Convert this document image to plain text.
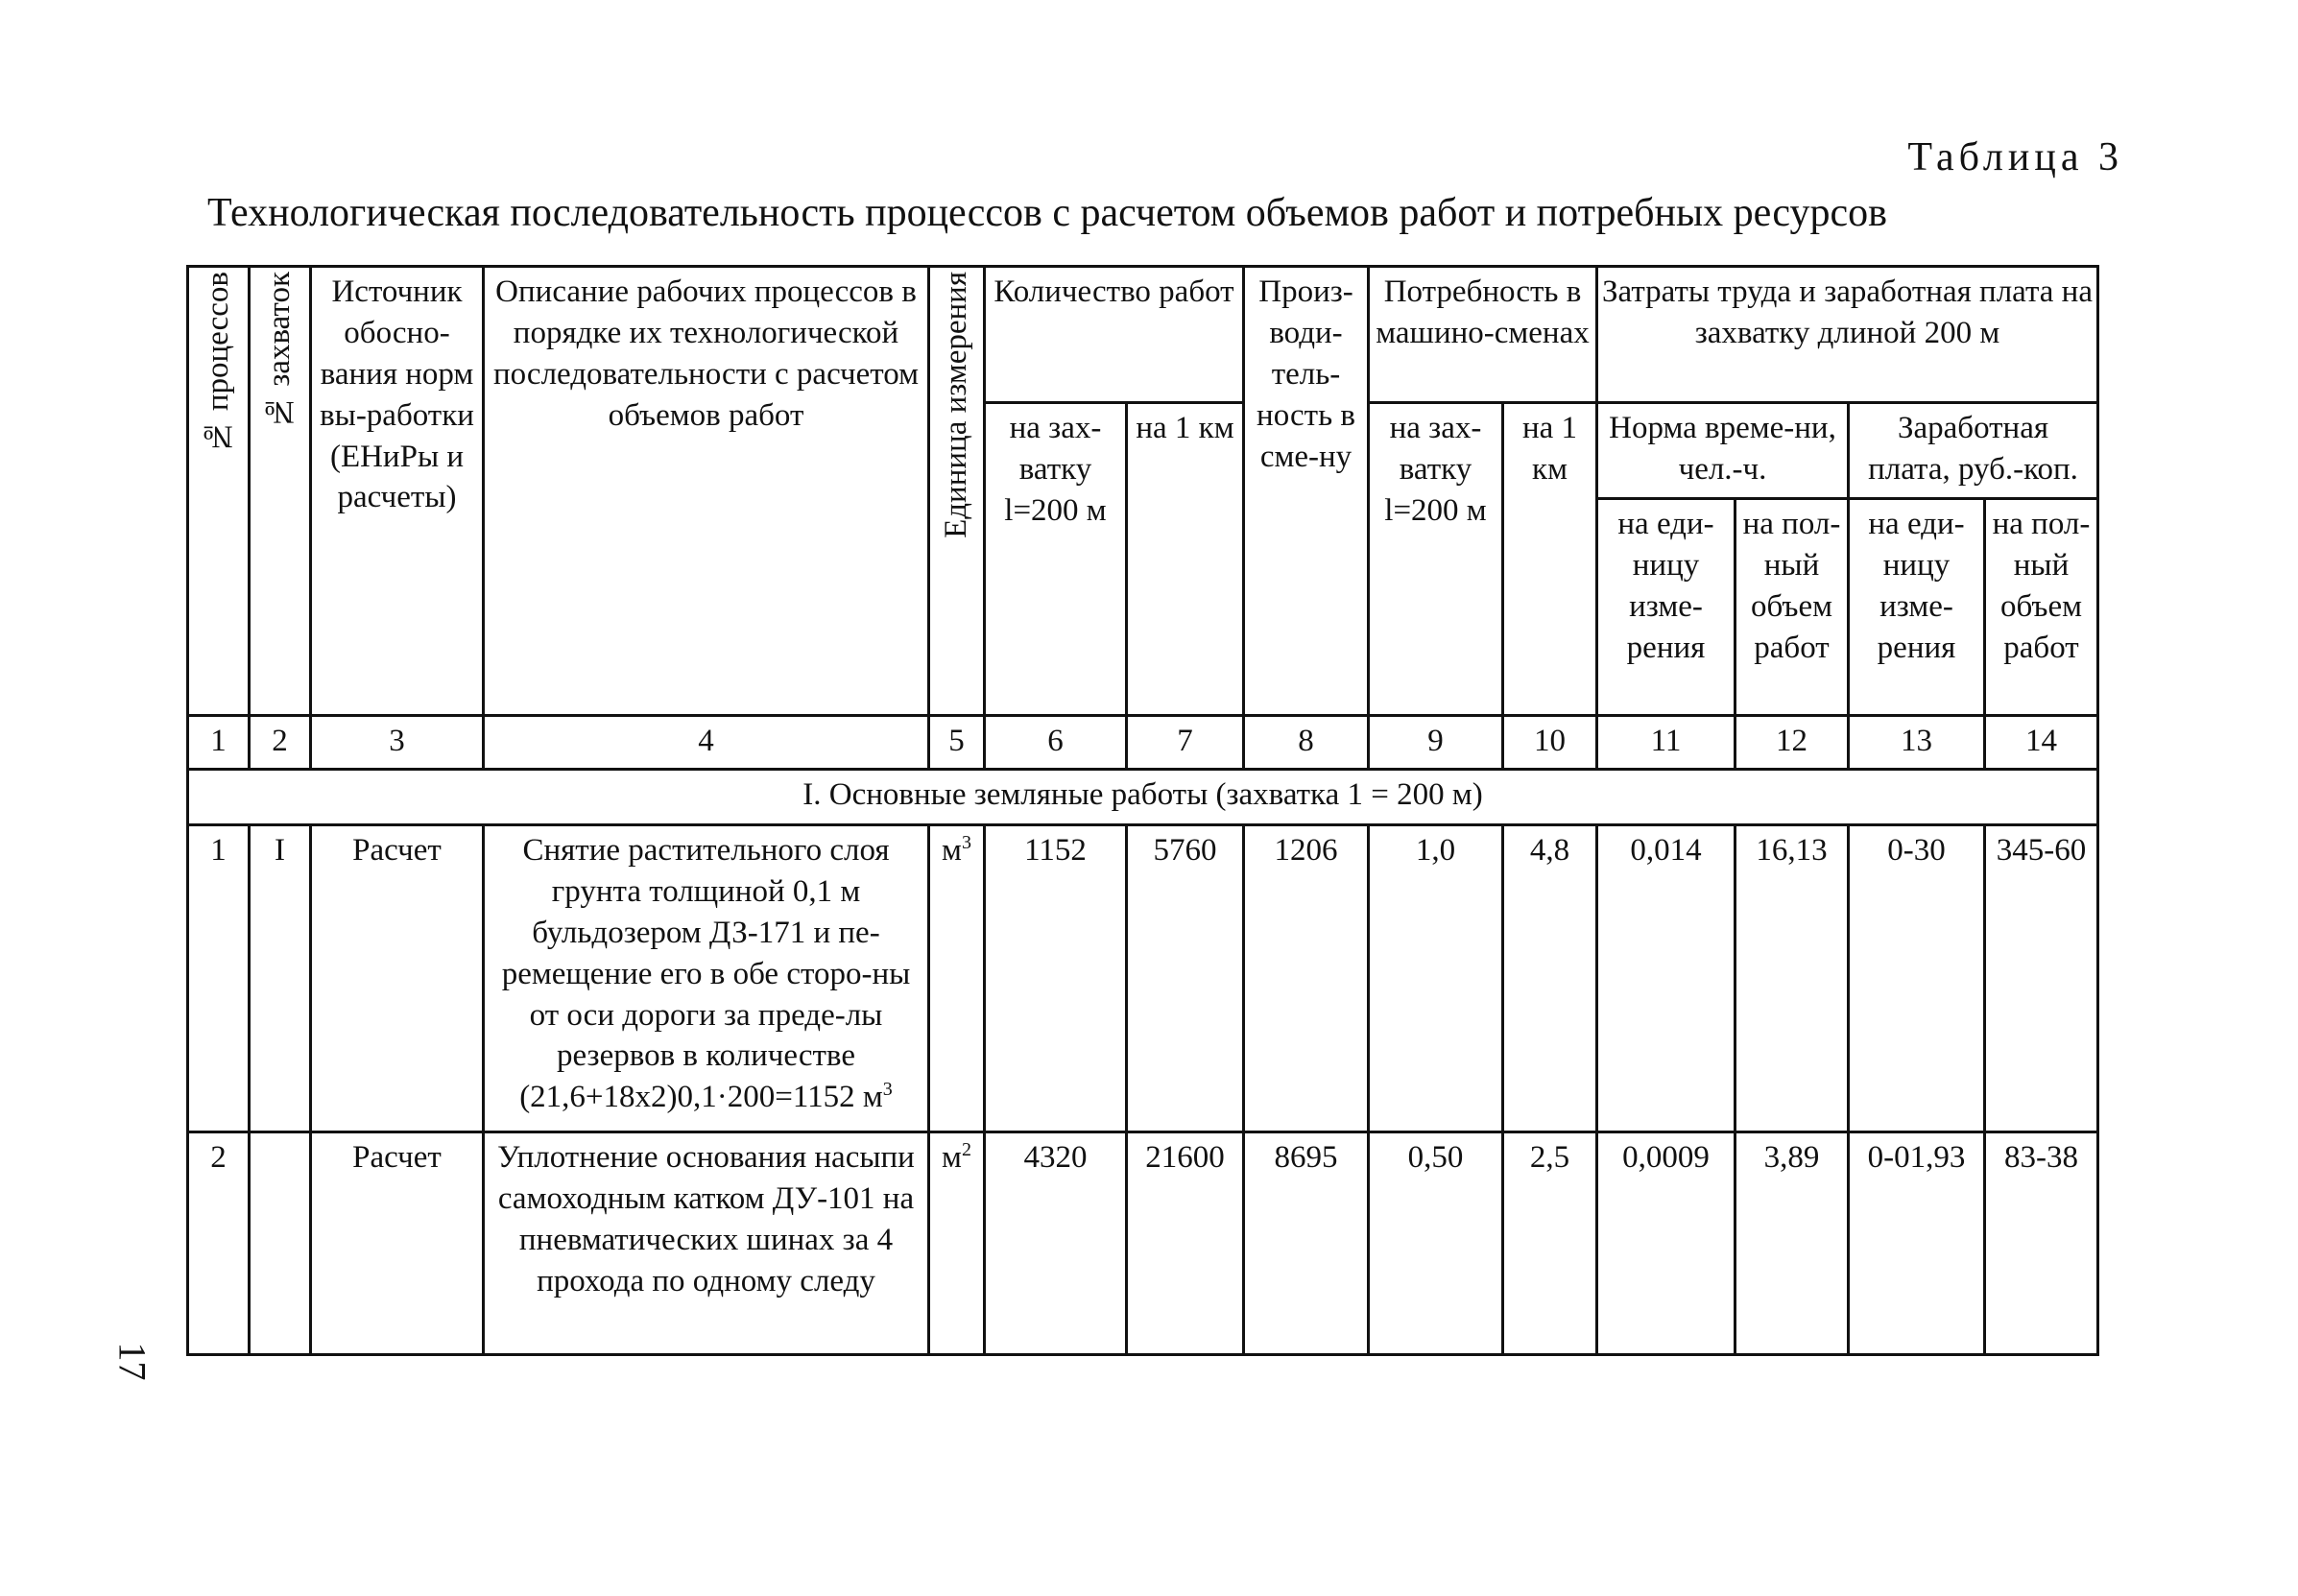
Таблица 3
Технологическая последовательность процессов с расчетом объемов работ и потребных ресурсов
17
№ процессов	№ захваток	Источник обосно-вания норм вы-работки (ЕНиРы и расчеты)	Описание рабочих процессов в порядке их технологической последовательности с расчетом объемов работ	Единица измерения	Количество работ		Произ-води-тель-ность в сме-ну	Потребность в машино-сменах		Затраты труда и заработная плата на захватку длиной 200 м			
					на зах-ватку l=200 м	на 1 км		на зах-ватку l=200 м	на 1 км	Норма време-ни, чел.-ч.		Заработная плата, руб.-коп.	
										на еди-ницу изме-рения	на пол-ный объем работ	на еди-ницу изме-рения	на пол-ный объем работ
1	2	3	4	5	6	7	8	9	10	11	12	13	14
I. Основные земляные работы (захватка 1 = 200 м)													
1	I	Расчет	Снятие растительного слоя грунта толщиной 0,1 м бульдозером ДЗ-171 и пе-ремещение его в обе сторо-ны от оси дороги за преде-лы резервов в количестве (21,6+18х2)0,1·200=1152 $м^3$	$м^3$	1152	5760	1206	1,0	4,8	0,014	16,13	0-30	345-60
2		Расчет	Уплотнение основания насыпи самоходным катком ДУ-101 на пневматических шинах за 4 прохода по одному следу	$м^2$	4320	21600	8695	0,50	2,5	0,0009	3,89	0-01,93	83-38
